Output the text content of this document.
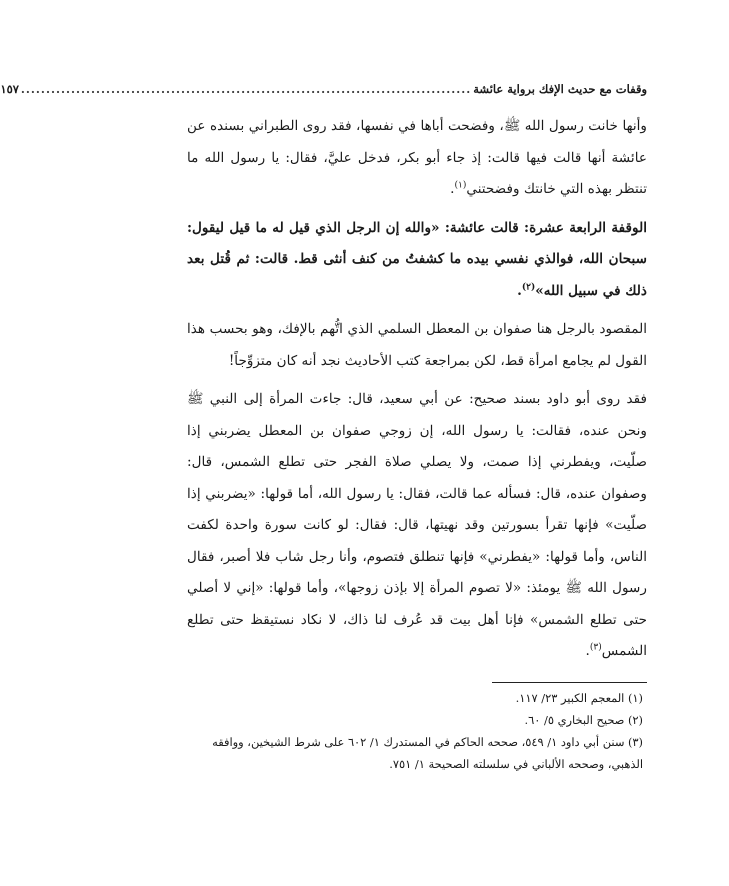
وقفات مع حديث الإفك برواية عائشة
..........................................................................................
١٥٧

وأنها خانت رسول الله ﷺ، وفضحت أباها في نفسها، فقد روى الطبراني بسنده عن عائشة أنها قالت فيها قالت: إذ جاء أبو بكر، فدخل عليَّ، فقال: يا رسول الله ما تنتظر بهذه التي خانتك وفضحتني$^{(١)}$.

الوقفة الرابعة عشرة: قالت عائشة: «والله إن الرجل الذي قيل له ما قيل ليقول: سبحان الله، فوالذي نفسي بيده ما كشفتُ من كنف أنثى قط. قالت: ثم قُتل بعد ذلك في سبيل الله»$^{(٢)}$.

المقصود بالرجل هنا صفوان بن المعطل السلمي الذي اتُّهم بالإفك، وهو بحسب هذا القول لم يجامع امرأة قط، لكن بمراجعة كتب الأحاديث نجد أنه كان متزوِّجاً!

فقد روى أبو داود بسند صحيح: عن أبي سعيد، قال: جاءت المرأة إلى النبي ﷺ ونحن عنده، فقالت: يا رسول الله، إن زوجي صفوان بن المعطل يضربني إذا صلّيت، ويفطرني إذا صمت، ولا يصلي صلاة الفجر حتى تطلع الشمس، قال: وصفوان عنده، قال: فسأله عما قالت، فقال: يا رسول الله، أما قولها: «يضربني إذا صلّيت» فإنها تقرأ بسورتين وقد نهيتها، قال: فقال: لو كانت سورة واحدة لكفت الناس، وأما قولها: «يفطرني» فإنها تنطلق فتصوم، وأنا رجل شاب فلا أصبر، فقال رسول الله ﷺ يومئذ: «لا تصوم المرأة إلا بإذن زوجها»، وأما قولها: «إني لا أصلي حتى تطلع الشمس» فإنا أهل بيت قد عُرف لنا ذاك، لا نكاد نستيقظ حتى تطلع الشمس$^{(٣)}$.

(١) المعجم الكبير ٢٣/ ١١٧.

(٢) صحيح البخاري ٥/ ٦٠.

(٣) سنن أبي داود ١/ ٥٤٩، صححه الحاكم في المستدرك ١/ ٦٠٢ على شرط الشيخين، ووافقه

الذهبي، وصححه الألباني في سلسلته الصحيحة ١/ ٧٥١.
